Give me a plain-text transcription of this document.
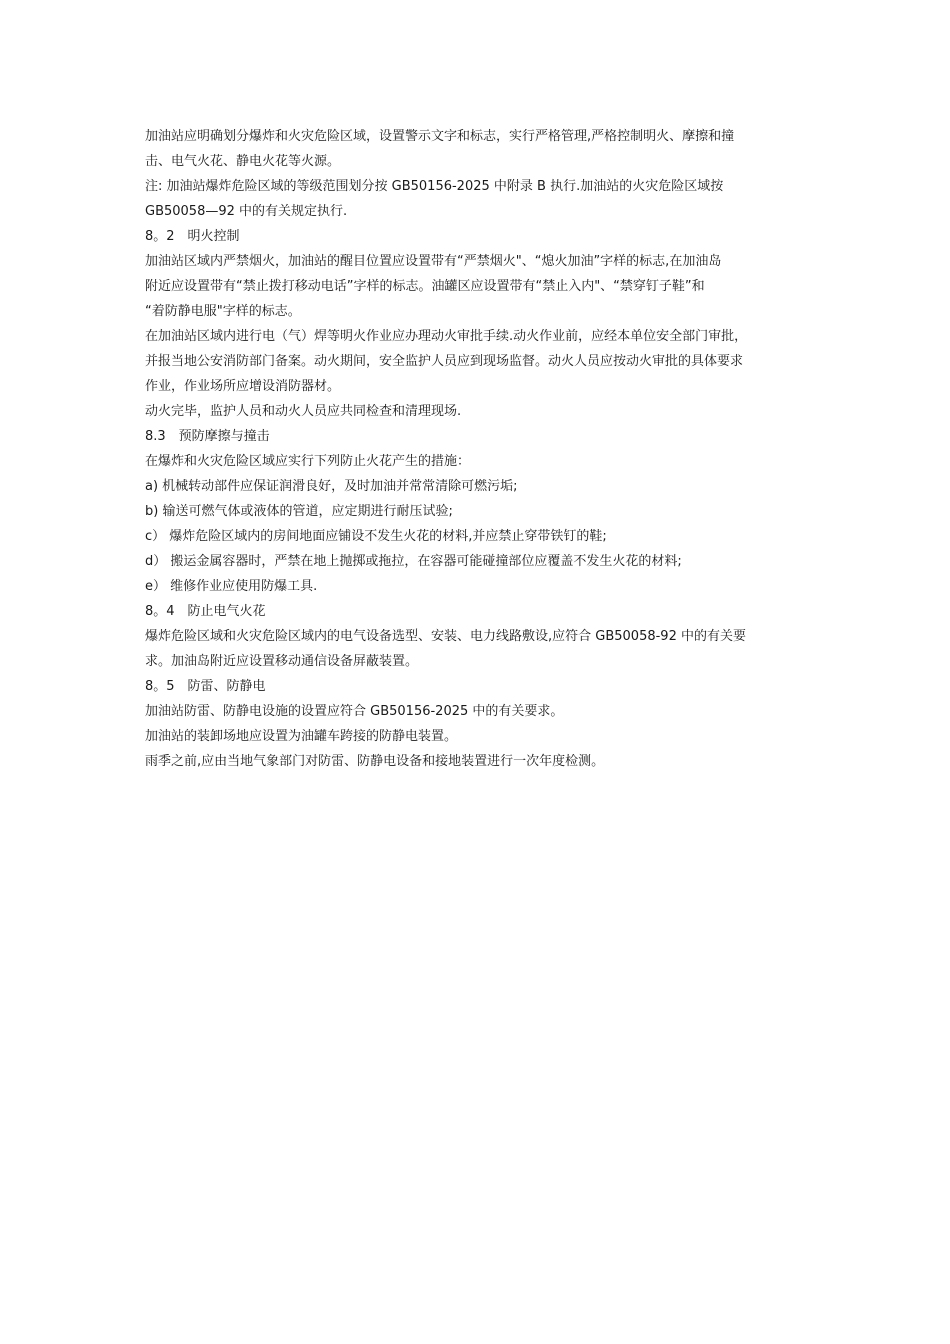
加油站应明确划分爆炸和火灾危险区域，设置警示文字和标志，实行严格管理,严格控制明火、摩擦和撞
击、电气火花、静电火花等火源。
注: 加油站爆炸危险区域的等级范围划分按 GB50156-2025 中附录 B 执行.加油站的火灾危险区域按
GB50058—92 中的有关规定执行.
8。2　明火控制
加油站区域内严禁烟火，加油站的醒目位置应设置带有“严禁烟火"、“熄火加油”字样的标志,在加油岛
附近应设置带有“禁止拨打移动电话”字样的标志。油罐区应设置带有“禁止入内"、“禁穿钉子鞋”和
“着防静电服"字样的标志。
在加油站区域内进行电（气）焊等明火作业应办理动火审批手续.动火作业前，应经本单位安全部门审批，
并报当地公安消防部门备案。动火期间，安全监护人员应到现场监督。动火人员应按动火审批的具体要求
作业，作业场所应增设消防器材。
动火完毕，监护人员和动火人员应共同检查和清理现场.
8.3　预防摩擦与撞击
在爆炸和火灾危险区域应实行下列防止火花产生的措施：
a) 机械转动部件应保证润滑良好，及时加油并常常清除可燃污垢;
b) 输送可燃气体或液体的管道，应定期进行耐压试验;
c） 爆炸危险区域内的房间地面应铺设不发生火花的材料,并应禁止穿带铁钉的鞋;
d） 搬运金属容器时，严禁在地上抛掷或拖拉，在容器可能碰撞部位应覆盖不发生火花的材料;
e） 维修作业应使用防爆工具.
8。4　防止电气火花
爆炸危险区域和火灾危险区域内的电气设备选型、安装、电力线路敷设,应符合 GB50058-92 中的有关要
求。加油岛附近应设置移动通信设备屏蔽装置。
8。5　防雷、防静电
加油站防雷、防静电设施的设置应符合 GB50156-2025 中的有关要求。
加油站的装卸场地应设置为油罐车跨接的防静电装置。
雨季之前,应由当地气象部门对防雷、防静电设备和接地装置进行一次年度检测。
